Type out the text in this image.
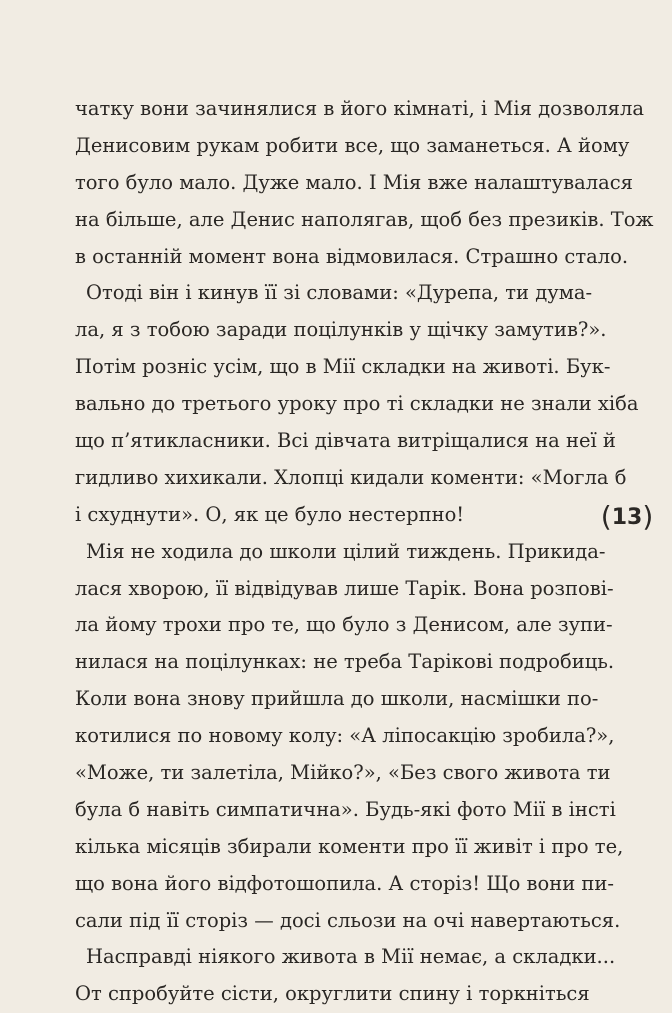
чатку вони зачинялися в його кімнаті, і Мія дозволяла
Денисовим рукам робити все, що заманеться. А йому
того було мало. Дуже мало. І Мія вже налаштувалася
на більше, але Денис наполягав, щоб без презиків. Тож
в останній момент вона відмовилася. Страшно стало.
Отоді він і кинув її зі словами: «Дурепа, ти дума-
ла, я з тобою заради поцілунків у щічку замутив?».
Потім розніс усім, що в Мії складки на животі. Бук-
вально до третього уроку про ті складки не знали хіба
що п’ятикласники. Всі дівчата витріщалися на неї й
гидливо хихикали. Хлопці кидали коменти: «Могла б
і схуднути». О, як це було нестерпно!
Мія не ходила до школи цілий тиждень. Прикида-
лася хворою, її відвідував лише Тарік. Вона розпові-
ла йому трохи про те, що було з Денисом, але зупи-
нилася на поцілунках: не треба Тарікові подробиць.
Коли вона знову прийшла до школи, насмішки по-
котилися по новому колу: «А ліпосакцію зробила?»,
«Може, ти залетіла, Мійко?», «Без свого живота ти
була б навіть симпатична». Будь-які фото Мії в інсті
кілька місяців збирали коменти про її живіт і про те,
що вона його відфотошопила. А сторіз! Що вони пи-
сали під її сторіз — досі сльози на очі навертаються.
Насправді ніякого живота в Мії немає, а складки...
От спробуйте сісти, округлити спину і торкніться
( 13 )
